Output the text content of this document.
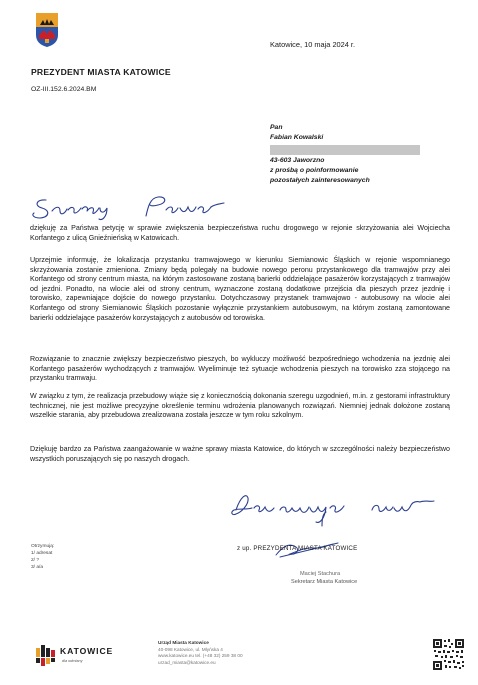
Katowice, 10 maja 2024 r.
PREZYDENT MIASTA KATOWICE
OZ-III.152.6.2024.BM
Pan
Fabian Kowalski
43-603 Jaworzno
z prośbą o poinformowanie
pozostałych zainteresowanych
dziękuję za Państwa petycję w sprawie zwiększenia bezpieczeństwa ruchu drogowego w rejonie skrzyżowania alei Wojciecha Korfantego z ulicą Gnieźnieńską w Katowicach.
Uprzejmie informuję, że lokalizacja przystanku tramwajowego w kierunku Siemianowic Śląskich w rejonie wspomnianego skrzyżowania zostanie zmieniona. Zmiany będą polegały na budowie nowego peronu przystankowego dla tramwajów przy alei Korfantego od strony centrum miasta, na którym zastosowane zostaną barierki oddzielające pasażerów korzystających z tramwajów od jezdni. Ponadto, na wlocie alei od strony centrum, wyznaczone zostaną dodatkowe przejścia dla pieszych przez jezdnię i torowisko, zapewniające dojście do nowego przystanku. Dotychczasowy przystanek tramwajowo - autobusowy na wlocie alei Korfantego od strony Siemianowic Śląskich pozostanie wyłącznie przystankiem autobusowym, na którym zostaną zamontowane barierki oddzielające pasażerów korzystających z autobusów od torowiska.
Rozwiązanie to znacznie zwiększy bezpieczeństwo pieszych, bo wykluczy możliwość bezpośredniego wchodzenia na jezdnię alei Korfantego pasażerów wychodzących z tramwajów. Wyeliminuje też sytuacje wchodzenia pieszych na torowisko zza stojącego na przystanku tramwaju.
W związku z tym, że realizacja przebudowy wiąże się z koniecznością dokonania szeregu uzgodnień, m.in. z gestorami infrastruktury technicznej, nie jest możliwe precyzyjne określenie terminu wdrożenia planowanych rozwiązań. Niemniej jednak dołożone zostaną wszelkie starania, aby przebudowa zrealizowana została jeszcze w tym roku szkolnym.
Dziękuję bardzo za Państwa zaangażowanie w ważne sprawy miasta Katowice, do których w szczególności należy bezpieczeństwo wszystkich poruszających się po naszych drogach.
z up. PREZYDENTA MIASTA KATOWICE
Maciej Stachura
Sekretarz Miasta Katowice
Otrzymują:
1/ adresat
2/ ?
3/ a/a
KATOWICE
dla odmiany
Urząd Miasta Katowice
40-098 Katowice, ul. Młyńska 4
www.katowice.eu tel. (+48 32) 259 38 00
urzad_miasta@katowice.eu
